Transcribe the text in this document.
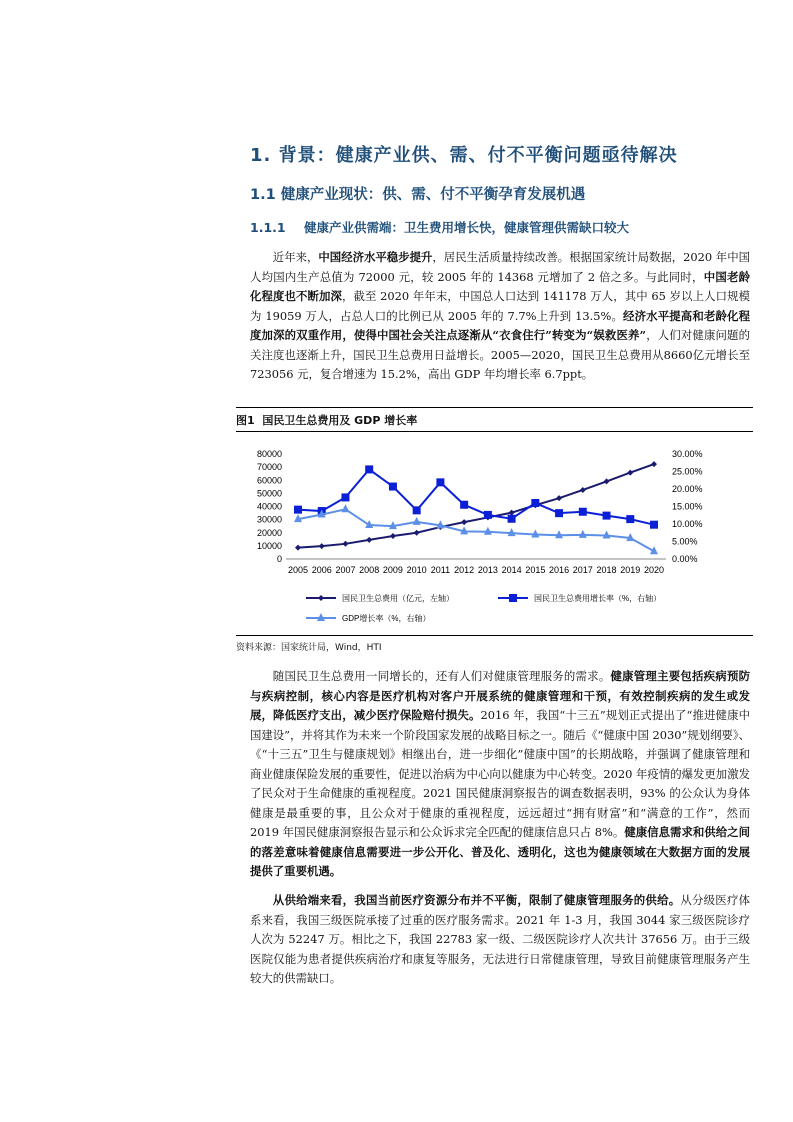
1. 背景：健康产业供、需、付不平衡问题亟待解决
1.1 健康产业现状：供、需、付不平衡孕育发展机遇
1.1.1 健康产业供需端：卫生费用增长快，健康管理供需缺口较大
近年来，中国经济水平稳步提升，居民生活质量持续改善。根据国家统计局数据，2020 年中国人均国内生产总值为 72000 元，较 2005 年的 14368 元增加了 2 倍之多。与此同时，中国老龄化程度也不断加深，截至 2020 年年末，中国总人口达到 141178 万人，其中 65 岁以上人口规模为 19059 万人，占总人口的比例已从 2005 年的 7.7%上升到 13.5%。经济水平提高和老龄化程度加深的双重作用，使得中国社会关注点逐渐从“衣食住行”转变为“娱救医养”，人们对健康问题的关注度也逐渐上升，国民卫生总费用日益增长。2005—2020，国民卫生总费用从8660亿元增长至 723056 元，复合增速为 15.2%，高出 GDP 年均增长率 6.7ppt。
图1 国民卫生总费用及 GDP 增长率
0
10000
20000
30000
40000
50000
60000
70000
80000
0.00%
5.00%
10.00%
15.00%
20.00%
25.00%
30.00%
2005 2006 2007 2008 2009 2010 2011 2012 2013 2014 2015 2016 2017 2018 2019 2020
国民卫生总费用（亿元，左轴）	国民卫生总费用增长率（%，右轴）
GDP增长率（%，右轴）
资料来源：国家统计局，Wind，HTI
随国民卫生总费用一同增长的，还有人们对健康管理服务的需求。健康管理主要包括疾病预防与疾病控制，核心内容是医疗机构对客户开展系统的健康管理和干预，有效控制疾病的发生或发展，降低医疗支出，减少医疗保险赔付损失。2016 年，我国“十三五”规划正式提出了“推进健康中国建设”，并将其作为未来一个阶段国家发展的战略目标之一。随后《“健康中国 2030”规划纲要》、《“十三五”卫生与健康规划》相继出台，进一步细化”健康中国”的长期战略，并强调了健康管理和商业健康保险发展的重要性，促进以治病为中心向以健康为中心转变。2020 年疫情的爆发更加激发了民众对于生命健康的重视程度。2021 国民健康洞察报告的调查数据表明，93% 的公众认为身体健康是最重要的事，且公众对于健康的重视程度，远远超过“拥有财富”和“满意的工作”，然而 2019 年国民健康洞察报告显示和公众诉求完全匹配的健康信息只占 8%。健康信息需求和供给之间的落差意味着健康信息需要进一步公开化、普及化、透明化，这也为健康领域在大数据方面的发展提供了重要机遇。
从供给端来看，我国当前医疗资源分布并不平衡，限制了健康管理服务的供给。从分级医疗体系来看，我国三级医院承接了过重的医疗服务需求。2021 年 1-3 月，我国 3044 家三级医院诊疗人次为 52247 万。相比之下，我国 22783 家一级、二级医院诊疗人次共计 37656 万。由于三级医院仅能为患者提供疾病治疗和康复等服务，无法进行日常健康管理，导致目前健康管理服务产生较大的供需缺口。
